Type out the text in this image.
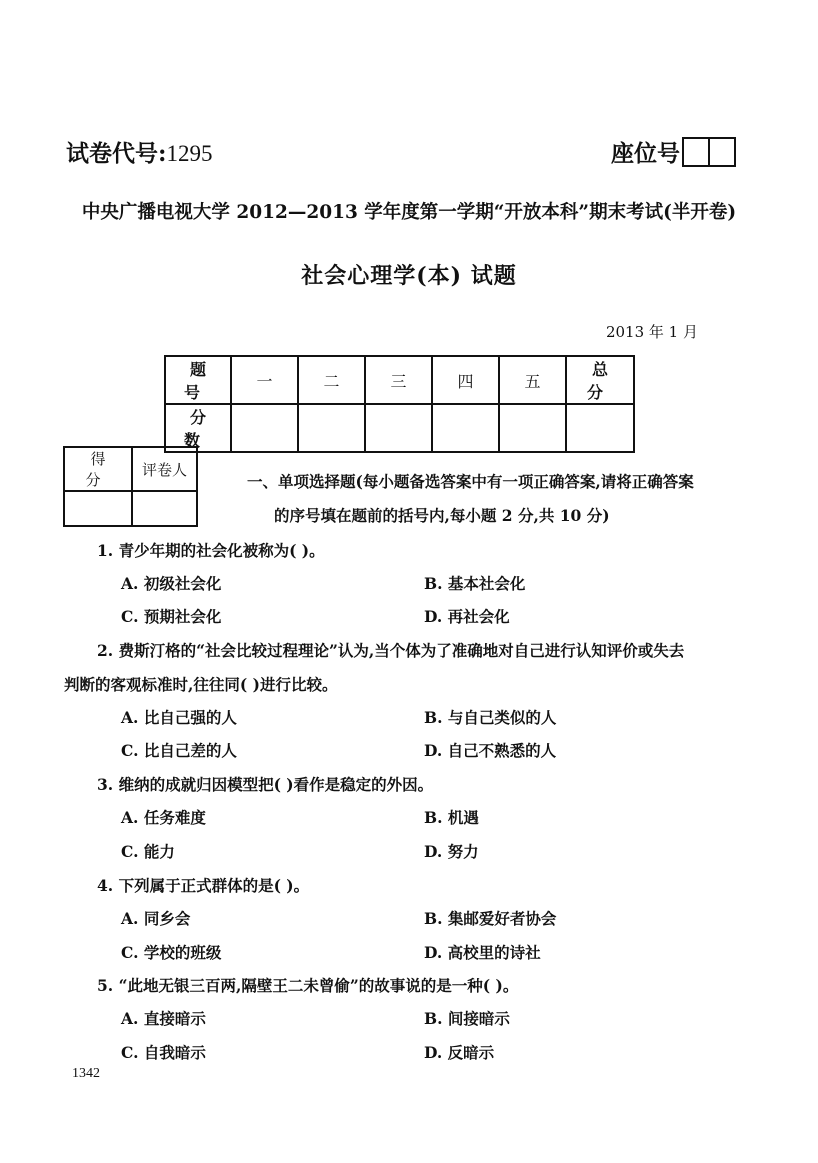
试卷代号:1295	座位号
中央广播电视大学 2012—2013 学年度第一学期“开放本科”期末考试(半开卷)
社会心理学(本) 试题
2013 年 1 月
题 号	一	二	三	四	五	总 分
分 数						
得 分	评卷人

一、单项选择题(每小题备选答案中有一项正确答案,请将正确答案
的序号填在题前的括号内,每小题 2 分,共 10 分)
1. 青少年期的社会化被称为( )。
A. 初级社会化	B. 基本社会化
C. 预期社会化	D. 再社会化
2. 费斯汀格的“社会比较过程理论”认为,当个体为了准确地对自己进行认知评价或失去
判断的客观标准时,往往同( )进行比较。
A. 比自己强的人	B. 与自己类似的人
C. 比自己差的人	D. 自己不熟悉的人
3. 维纳的成就归因模型把( )看作是稳定的外因。
A. 任务难度	B. 机遇
C. 能力	D. 努力
4. 下列属于正式群体的是( )。
A. 同乡会	B. 集邮爱好者协会
C. 学校的班级	D. 高校里的诗社
5. “此地无银三百两,隔壁王二未曾偷”的故事说的是一种( )。
A. 直接暗示	B. 间接暗示
C. 自我暗示	D. 反暗示
1342
